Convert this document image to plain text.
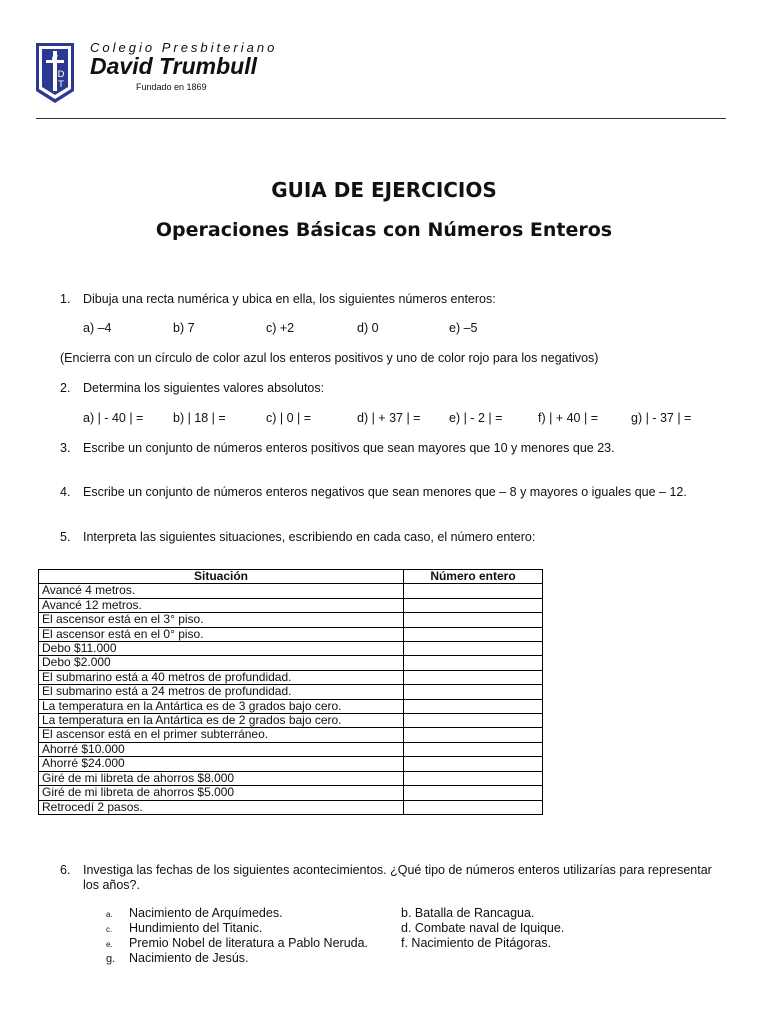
C
D
T
Colegio Presbiteriano
David Trumbull
Fundado en 1869
GUIA DE EJERCICIOS
Operaciones Básicas con Números Enteros
1. Dibuja una recta numérica y ubica en ella, los siguientes números enteros:
a) –4	b) 7	c) +2	d) 0	e) –5
(Encierra con un círculo de color azul los enteros positivos y uno de color rojo para los negativos)
2. Determina los siguientes valores absolutos:
a) | - 40 | = b) | 18 | =	c) | 0 | =	d) | + 37 | = e) | - 2 | =	f) | + 40 | =	g) | - 37 | =
3. Escribe un conjunto de números enteros positivos que sean mayores que 10 y menores que 23.
4. Escribe un conjunto de números enteros negativos que sean menores que – 8 y mayores o iguales que – 12.
5. Interpreta las siguientes situaciones, escribiendo en cada caso, el número entero:
Situación	Número entero
Avancé 4 metros.	
Avancé 12 metros.	
El ascensor está en el 3° piso.	
El ascensor está en el 0° piso.	
Debo $11.000	
Debo $2.000	
El submarino está a 40 metros de profundidad.	
El submarino está a 24 metros de profundidad.	
La temperatura en la Antártica es de 3 grados bajo cero.	
La temperatura en la Antártica es de 2 grados bajo cero.	
El ascensor está en el primer subterráneo.	
Ahorré $10.000	
Ahorré $24.000	
Giré de mi libreta de ahorros $8.000	
Giré de mi libreta de ahorros $5.000	
Retrocedí 2 pasos.	
6. Investiga las fechas de los siguientes acontecimientos. ¿Qué tipo de números enteros utilizarías para representar
los años?.
a. Nacimiento de Arquímedes.
c. Hundimiento del Titanic.
e. Premio Nobel de literatura a Pablo Neruda.
g. Nacimiento de Jesús.
b. Batalla de Rancagua.
d. Combate naval de Iquique.
f. Nacimiento de Pitágoras.
